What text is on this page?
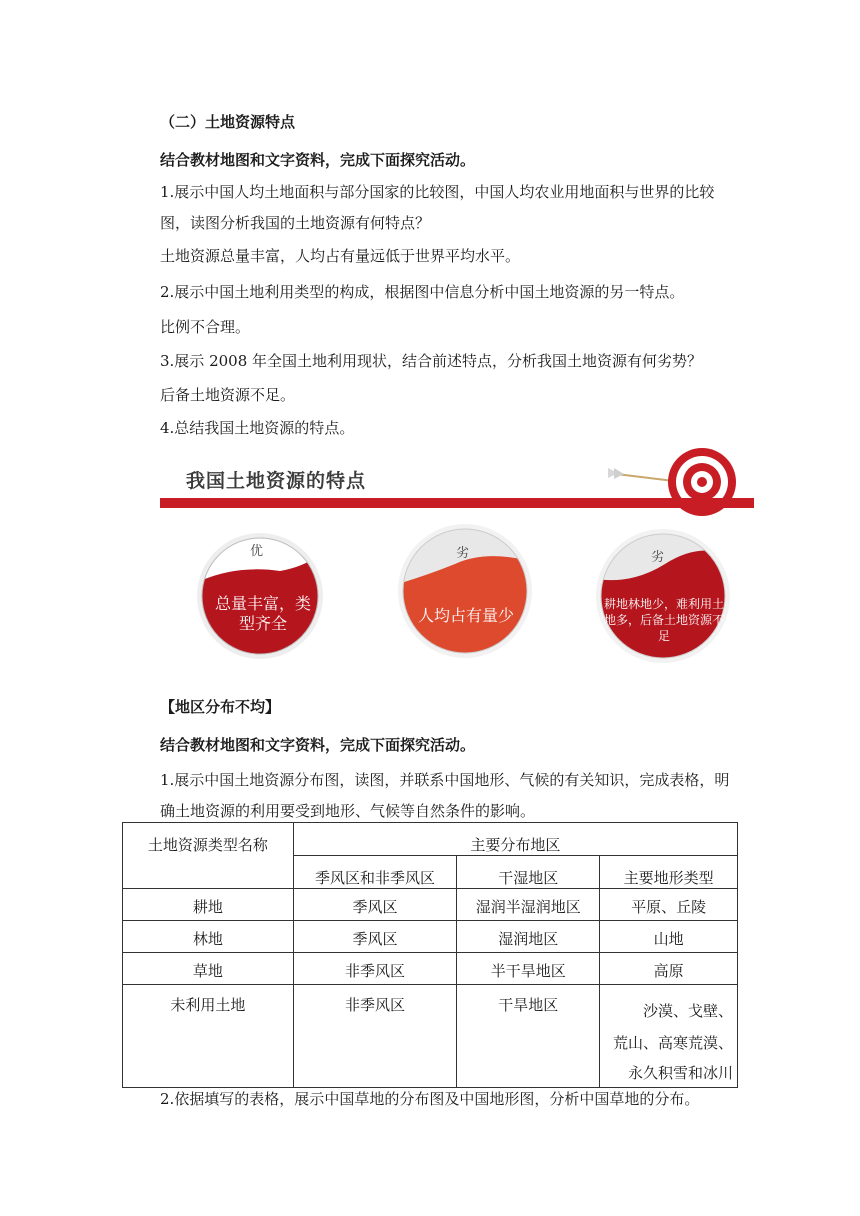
（二）土地资源特点
结合教材地图和文字资料，完成下面探究活动。
1.展示中国人均土地面积与部分国家的比较图，中国人均农业用地面积与世界的比较
图，读图分析我国的土地资源有何特点？
土地资源总量丰富，人均占有量远低于世界平均水平。
2.展示中国土地利用类型的构成，根据图中信息分析中国土地资源的另一特点。
比例不合理。
3.展示 2008 年全国土地利用现状，结合前述特点，分析我国土地资源有何劣势？
后备土地资源不足。
4.总结我国土地资源的特点。
我国土地资源的特点
优
总量丰富，类型齐全
劣
人均占有量少
劣
耕地林地少，难利用土地多，后备土地资源不足
【地区分布不均】
结合教材地图和文字资料，完成下面探究活动。
1.展示中国土地资源分布图，读图，并联系中国地形、气候的有关知识，完成表格，明
确土地资源的利用要受到地形、气候等自然条件的影响。
土地资源类型名称	主要分布地区		
	季风区和非季风区	干湿地区	主要地形类型
耕地	季风区	湿润半湿润地区	平原、丘陵
林地	季风区	湿润地区	山地
草地	非季风区	半干旱地区	高原
未利用土地	非季风区	干旱地区	沙漠、戈壁、
荒山、高寒荒漠、
永久积雪和冰川
2.依据填写的表格，展示中国草地的分布图及中国地形图，分析中国草地的分布。
